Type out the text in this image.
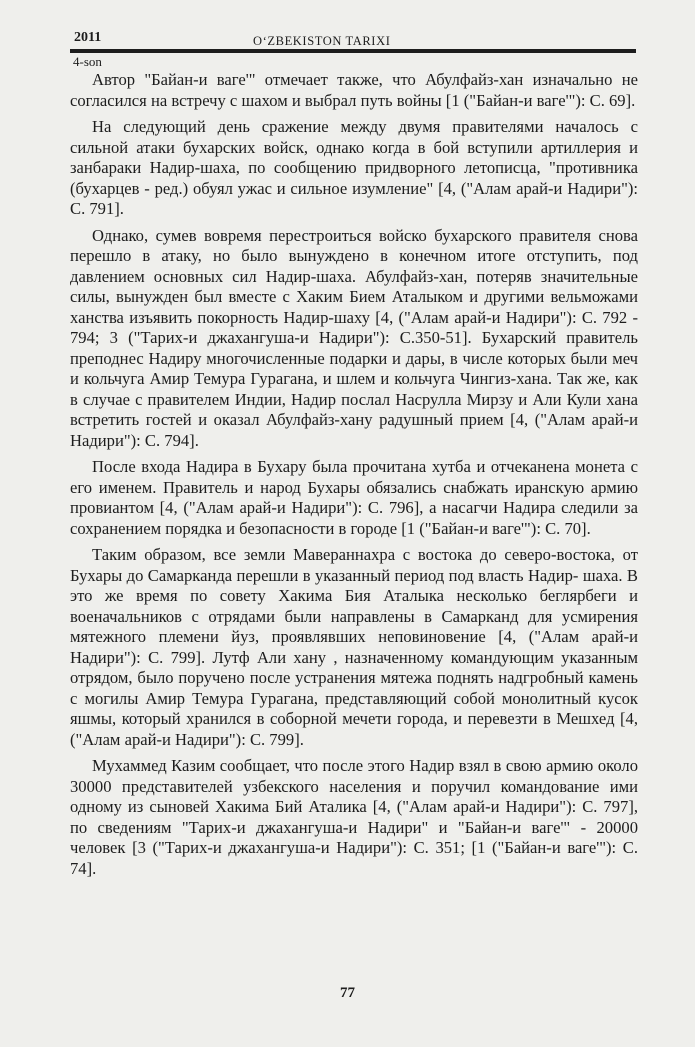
2011	O‘ZBEKISTON TARIXI
4-son

Автор "Байан-и ваге'" отмечает также, что Абулфайз-хан изначально не согласился на встречу с шахом и выбрал путь войны [1 ("Байан-и ваге'"): С. 69].

На следующий день сражение между двумя правителями началось с сильной атаки бухарских войск, однако когда в бой вступили артиллерия и занбараки Надир-шаха, по сообщению придворного летописца, "противника (бухарцев - ред.) обуял ужас и сильное изумление" [4, ("Алам арай-и Надири"): С. 791].

Однако, сумев вовремя перестроиться войско бухарского правителя снова перешло в атаку, но было вынуждено в конечном итоге отступить, под давлением основных сил Надир-шаха. Абулфайз-хан, потеряв значительные силы, вынужден был вместе с Хаким Бием Аталыком и другими вельможами ханства изъявить покорность Надир-шаху [4, ("Алам арай-и Надири"): С. 792 - 794; 3 ("Тарих-и джахангуша-и Надири"): С.350-51]. Бухарский правитель преподнес Надиру многочисленные подарки и дары, в числе которых были меч и кольчуга Амир Темура Гурагана, и шлем и кольчуга Чингиз-хана. Так же, как в случае с правителем Индии, Надир послал Насрулла Мирзу и Али Кули хана встретить гостей и оказал Абулфайз-хану радушный прием [4, ("Алам арай-и Надири"): С. 794].

После входа Надира в Бухару была прочитана хутба и отчеканена монета с его именем. Правитель и народ Бухары обязались снабжать иранскую армию провиантом [4, ("Алам арай-и Надири"): С. 796], а насагчи Надира следили за сохранением порядка и безопасности в городе [1 ("Байан-и ваге'"): С. 70].

Таким образом, все земли Мавераннахра с востока до северо-востока, от Бухары до Самарканда перешли в указанный период под власть Надир- шаха. В это же время по совету Хакима Бия Аталыка несколько беглярбеги и военачальников с отрядами были направлены в Самарканд для усмирения мятежного племени йуз, проявлявших неповиновение [4, ("Алам арай-и Надири"): С. 799]. Лутф Али хану , назначенному командующим указанным отрядом, было поручено после устранения мятежа поднять надгробный камень с могилы Амир Темура Гурагана, представляющий собой монолитный кусок яшмы, который хранился в соборной мечети города, и перевезти в Мешхед [4, ("Алам арай-и Надири"): С. 799].

Мухаммед Казим сообщает, что после этого Надир взял в свою армию около 30000 представителей узбекского населения и поручил командование ими одному из сыновей Хакима Бий Аталика [4, ("Алам арай-и Надири"): С. 797], по сведениям "Тарих-и джахангуша-и Надири" и "Байан-и ваге'" - 20000 человек [3 ("Тарих-и джахангуша-и Надири"): С. 351; [1 ("Байан-и ваге'"): С. 74].

77
